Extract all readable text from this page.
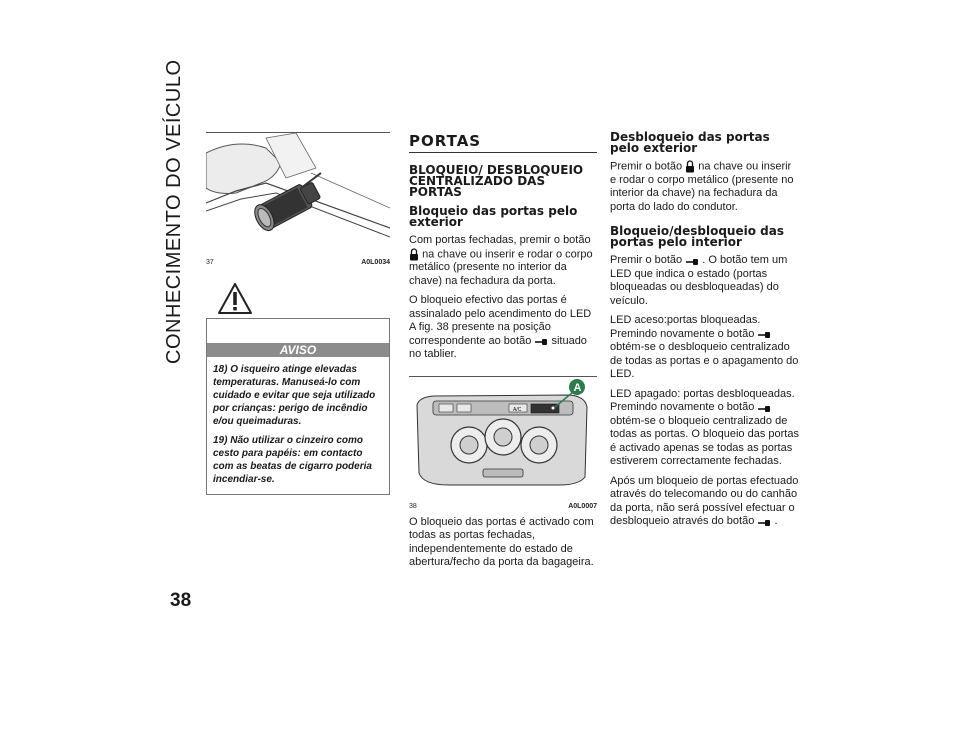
CONHECIMENTO DO VEÍCULO
38
37	A0L0034
AVISO
18) O isqueiro atinge elevadas temperaturas. Manuseá-lo com cuidado e evitar que seja utilizado por crianças: perigo de incêndio e/ou queimaduras.
19) Não utilizar o cinzeiro como cesto para papéis: em contacto com as beatas de cigarro poderia incendiar-se.
PORTAS
BLOQUEIO/ DESBLOQUEIO CENTRALIZADO DAS PORTAS
Bloqueio das portas pelo exterior

Com portas fechadas, premir o botão  na chave ou inserir e rodar o corpo metálico (presente no interior da chave) na fechadura da porta.

O bloqueio efectivo das portas é assinalado pelo acendimento do LED A fig. 38 presente na posição correspondente ao botão situado no tablier.

A/C
A
38	A0L0007

O bloqueio das portas é activado com todas as portas fechadas, independentemente do estado de abertura/fecho da porta da bagageira.

Desbloqueio das portas pelo exterior

Premir o botão na chave ou inserir e rodar o corpo metálico (presente no interior da chave) na fechadura da porta do lado do condutor.

Bloqueio/desbloqueio das portas pelo interior

Premir o botão . O botão tem um LED que indica o estado (portas bloqueadas ou desbloqueadas) do veículo.

LED aceso:portas bloqueadas. Premindo novamente o botão  obtém-se o desbloqueio centralizado de todas as portas e o apagamento do LED.

LED apagado: portas desbloqueadas. Premindo novamente o botão  obtém-se o bloqueio centralizado de todas as portas. O bloqueio das portas é activado apenas se todas as portas estiverem correctamente fechadas.

Após um bloqueio de portas efectuado através do telecomando ou do canhão da porta, não será possível efectuar o desbloqueio através do botão .
